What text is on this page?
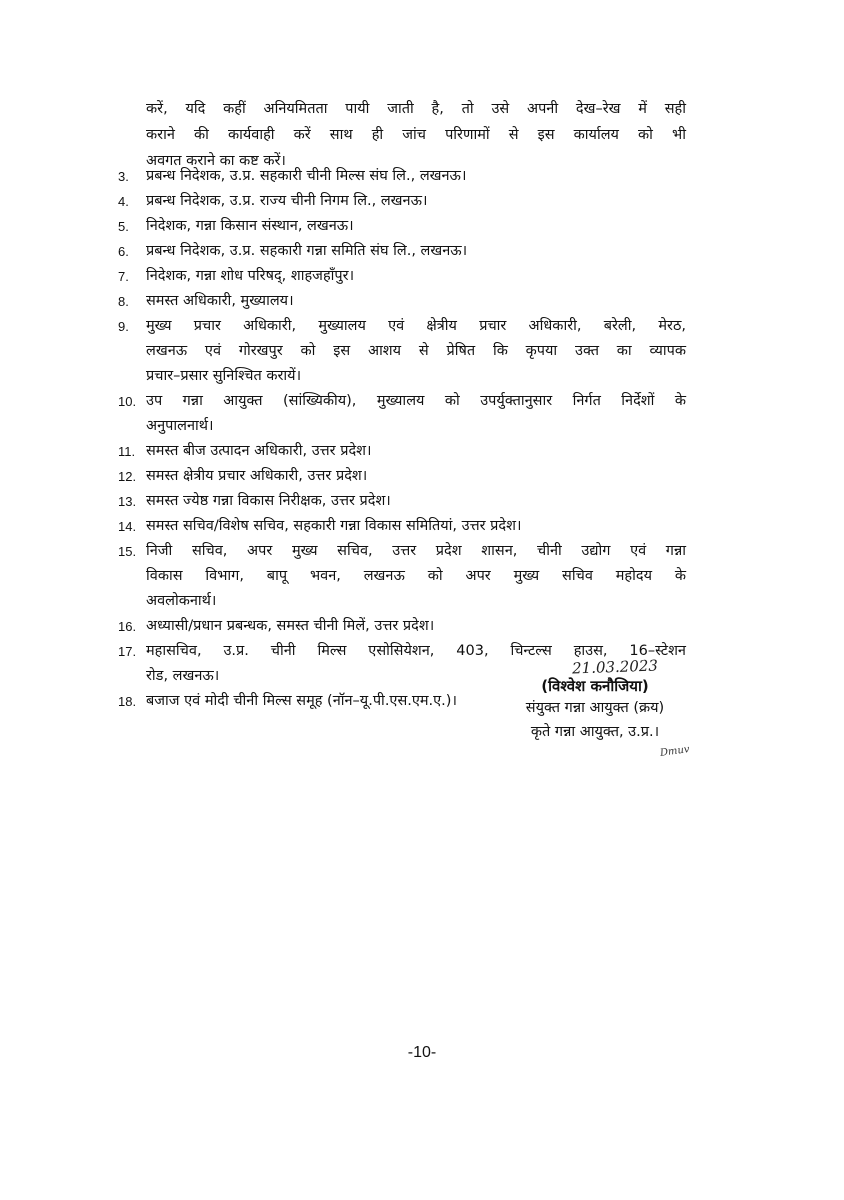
करें, यदि कहीं अनियमितता पायी जाती है, तो उसे अपनी देख–रेख में सही
कराने की कार्यवाही करें साथ ही जांच परिणामों से इस कार्यालय को भी
अवगत कराने का कष्ट करें।
3. प्रबन्ध निदेशक, उ.प्र. सहकारी चीनी मिल्स संघ लि., लखनऊ।
4. प्रबन्ध निदेशक, उ.प्र. राज्य चीनी निगम लि., लखनऊ।
5. निदेशक, गन्ना किसान संस्थान, लखनऊ।
6. प्रबन्ध निदेशक, उ.प्र. सहकारी गन्ना समिति संघ लि., लखनऊ।
7. निदेशक, गन्ना शोध परिषद्, शाहजहाँपुर।
8. समस्त अधिकारी, मुख्यालय।
9. मुख्य प्रचार अधिकारी, मुख्यालय एवं क्षेत्रीय प्रचार अधिकारी, बरेली, मेरठ,
लखनऊ एवं गोरखपुर को इस आशय से प्रेषित कि कृपया उक्त का व्यापक
प्रचार–प्रसार सुनिश्चित करायें।
10. उप गन्ना आयुक्त (सांख्यिकीय), मुख्यालय को उपर्युक्तानुसार निर्गत निर्देशों के
अनुपालनार्थ।
11. समस्त बीज उत्पादन अधिकारी, उत्तर प्रदेश।
12. समस्त क्षेत्रीय प्रचार अधिकारी, उत्तर प्रदेश।
13. समस्त ज्येष्ठ गन्ना विकास निरीक्षक, उत्तर प्रदेश।
14. समस्त सचिव/विशेष सचिव, सहकारी गन्ना विकास समितियां, उत्तर प्रदेश।
15. निजी सचिव, अपर मुख्य सचिव, उत्तर प्रदेश शासन, चीनी उद्योग एवं गन्ना
विकास विभाग, बापू भवन, लखनऊ को अपर मुख्य सचिव महोदय के
अवलोकनार्थ।
16. अध्यासी/प्रधान प्रबन्धक, समस्त चीनी मिलें, उत्तर प्रदेश।
17. महासचिव, उ.प्र. चीनी मिल्स एसोसियेशन, 403, चिन्टल्स हाउस, 16–स्टेशन
रोड, लखनऊ।
18. बजाज एवं मोदी चीनी मिल्स समूह (नॉन–यू.पी.एस.एम.ए.)।
21.03.2023
(विश्वेश कनौजिया)
संयुक्त गन्ना आयुक्त (क्रय)
कृते गन्ना आयुक्त, उ.प्र.।
Dmuv
-10-
